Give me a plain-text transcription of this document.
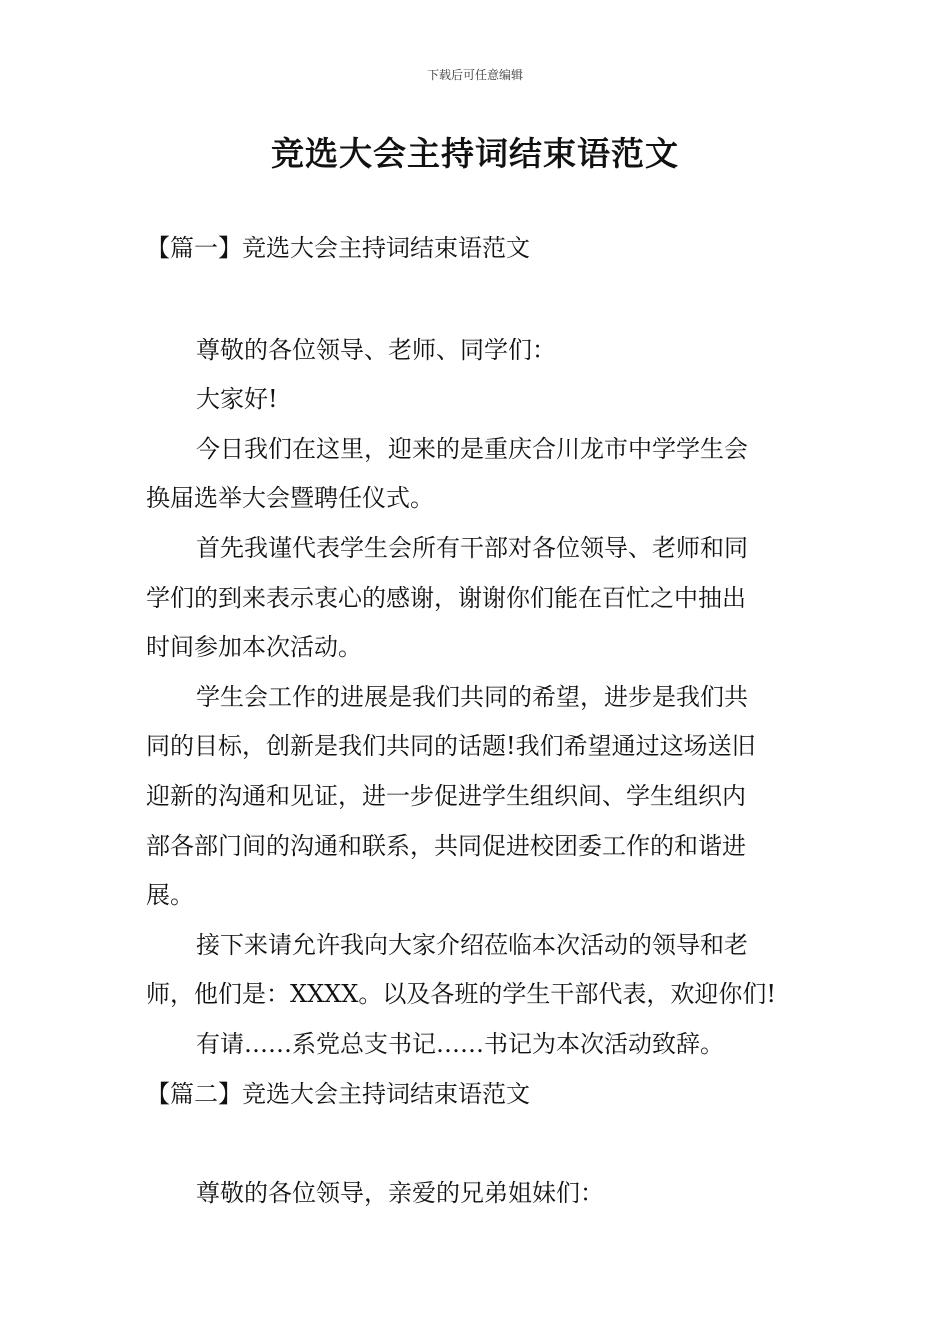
下载后可任意编辑
竞选大会主持词结束语范文
【篇一】竞选大会主持词结束语范文
尊敬的各位领导、老师、同学们：
大家好!
今日我们在这里，迎来的是重庆合川龙市中学学生会
换届选举大会暨聘任仪式。
首先我谨代表学生会所有干部对各位领导、老师和同
学们的到来表示衷心的感谢，谢谢你们能在百忙之中抽出
时间参加本次活动。
学生会工作的进展是我们共同的希望，进步是我们共
同的目标，创新是我们共同的话题!我们希望通过这场送旧
迎新的沟通和见证，进一步促进学生组织间、学生组织内
部各部门间的沟通和联系，共同促进校团委工作的和谐进
展。
接下来请允许我向大家介绍莅临本次活动的领导和老
师，他们是：XXXX。以及各班的学生干部代表，欢迎你们!
有请……系党总支书记……书记为本次活动致辞。
【篇二】竞选大会主持词结束语范文
尊敬的各位领导，亲爱的兄弟姐妹们：
